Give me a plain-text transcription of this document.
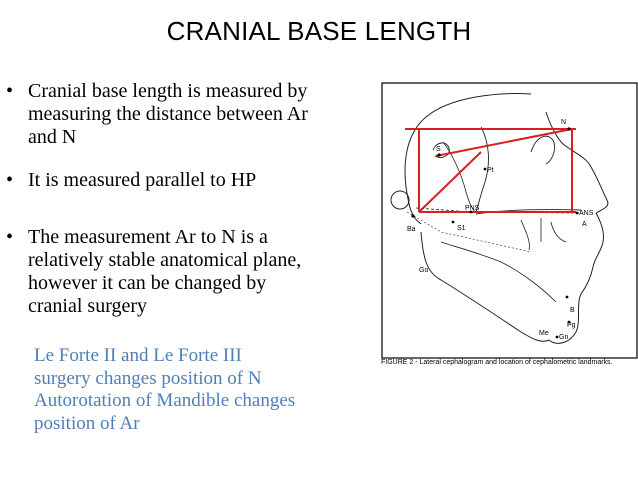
CRANIAL BASE LENGTH
• Cranial base length is measured by
measuring the distance between Ar
and N
• It is measured parallel to HP
• The measurement Ar to N is a
relatively stable anatomical plane,
however it can be changed by
cranial surgery
Le Forte II and Le Forte III
surgery changes position of N
Autorotation of Mandible changes
position of Ar
N
S
Pt
PNS
ANS
A
Ba	S1
Go
B
Pg
Me
Gn
FIGURE 2 - Lateral cephalogram and location of cephalometric landmarks.
